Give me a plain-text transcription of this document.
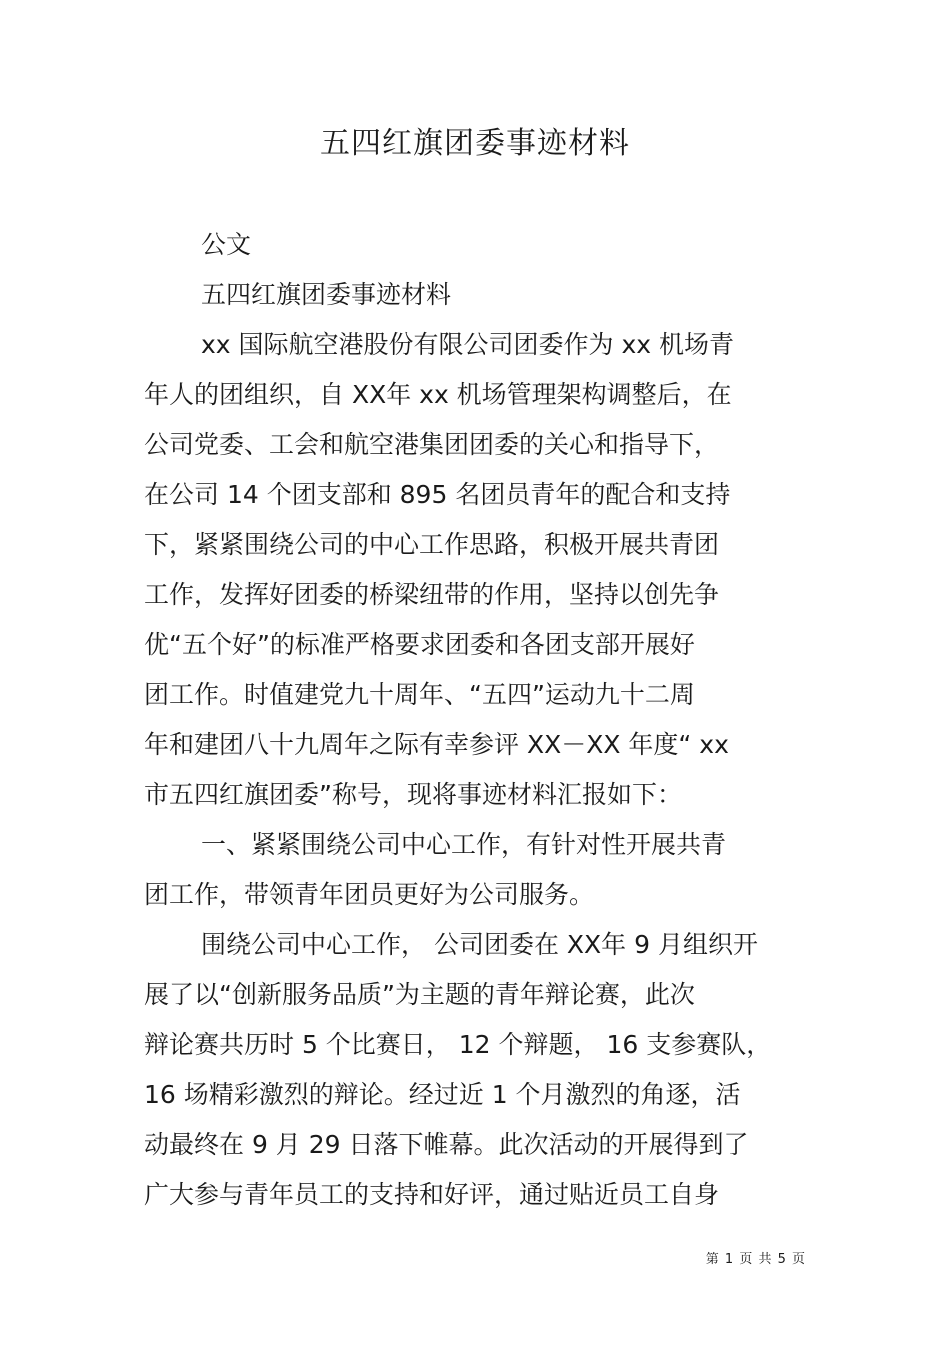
五四红旗团委事迹材料
公文
五四红旗团委事迹材料
xx 国际航空港股份有限公司团委作为 xx 机场青
年人的团组织，自 XX年 xx 机场管理架构调整后，在
公司党委、工会和航空港集团团委的关心和指导下，
在公司 14 个团支部和 895 名团员青年的配合和支持
下，紧紧围绕公司的中心工作思路，积极开展共青团
工作，发挥好团委的桥梁纽带的作用，坚持以创先争
优“五个好”的标准严格要求团委和各团支部开展好
团工作。时值建党九十周年、“五四”运动九十二周
年和建团八十九周年之际有幸参评 XX－XX 年度“ xx
市五四红旗团委”称号，现将事迹材料汇报如下：
一、紧紧围绕公司中心工作，有针对性开展共青
团工作，带领青年团员更好为公司服务。
围绕公司中心工作， 公司团委在 XX年 9 月组织开
展了以“创新服务品质”为主题的青年辩论赛，此次
辩论赛共历时 5 个比赛日， 12 个辩题， 16 支参赛队，
16 场精彩激烈的辩论。经过近 1 个月激烈的角逐，活
动最终在 9 月 29 日落下帷幕。此次活动的开展得到了
广大参与青年员工的支持和好评，通过贴近员工自身
第 1 页 共 5 页
